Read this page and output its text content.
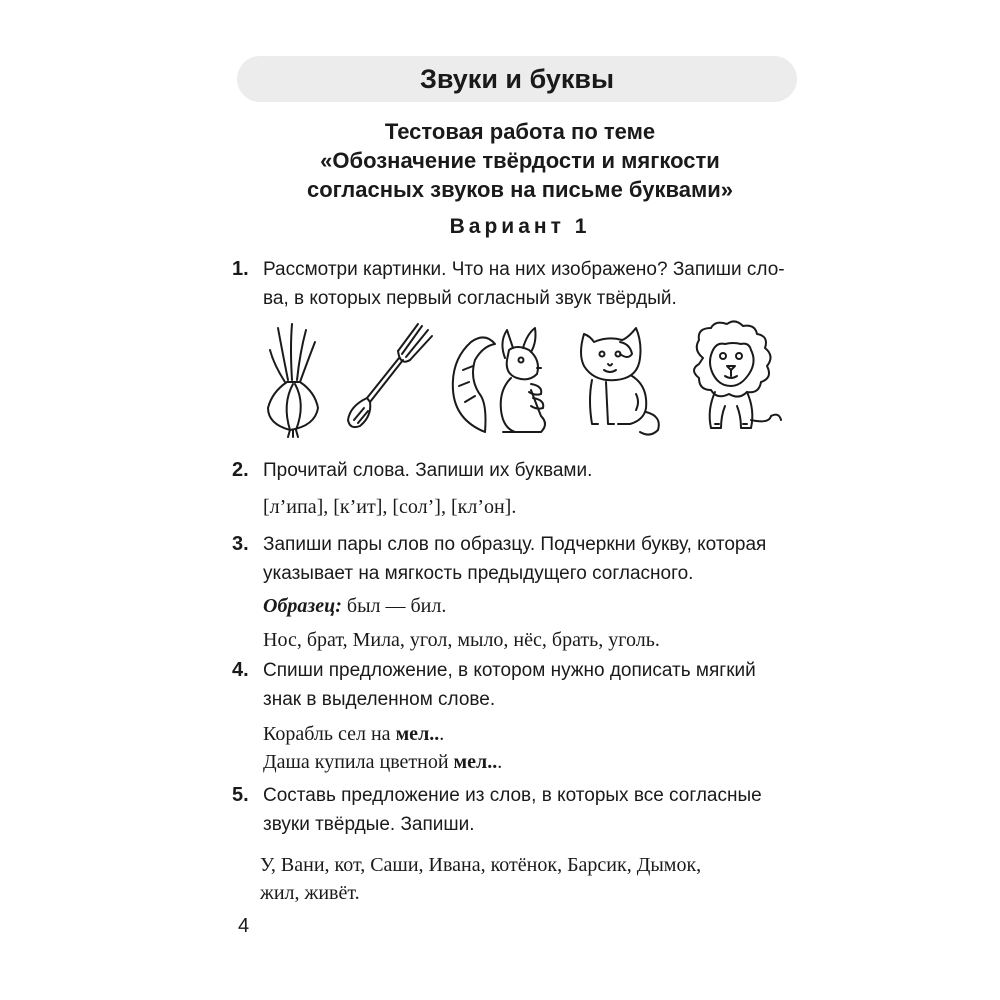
Звуки и буквы
Тестовая работа по теме
«Обозначение твёрдости и мягкости
согласных звуков на письме буквами»
Вариант 1
1. Рассмотри картинки. Что на них изображено? Запиши сло-
ва, в которых первый согласный звук твёрдый.
2. Прочитай слова. Запиши их буквами.
[л’ипа], [к’ит], [сол’], [кл’он].
3. Запиши пары слов по образцу. Подчеркни букву, которая
указывает на мягкость предыдущего согласного.
Образец: был — бил.
Нос, брат, Мила, угол, мыло, нёс, брать, уголь.
4. Спиши предложение, в котором нужно дописать мягкий
знак в выделенном слове.
Корабль сел на мел...
Даша купила цветной мел...
5. Составь предложение из слов, в которых все согласные
звуки твёрдые. Запиши.
У, Вани, кот, Саши, Ивана, котёнок, Барсик, Дымок,
жил, живёт.
4
